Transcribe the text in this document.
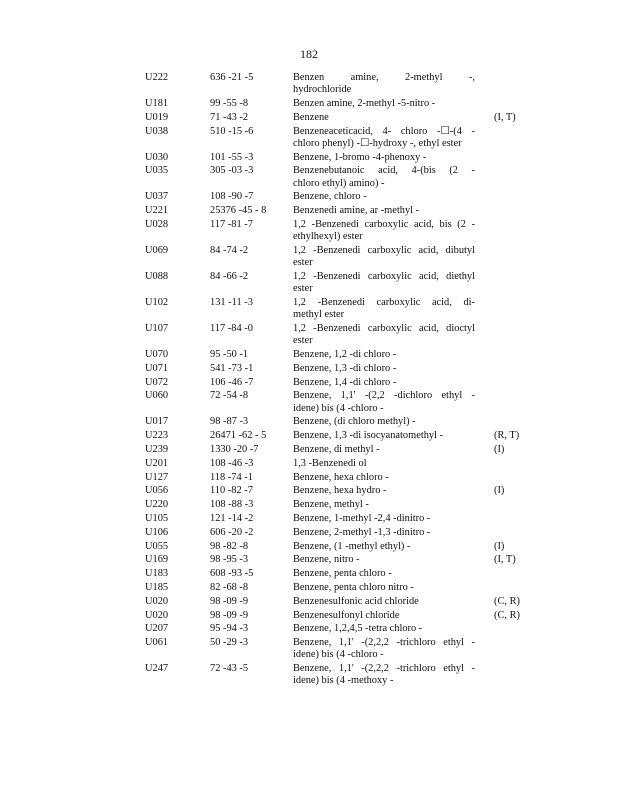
182
U222	636 -21 -5	Benzen amine, 2-methyl -,
hydrochloride
U181	99 -55 -8	Benzen amine, 2-methyl -5-nitro -
U019	71 -43 -2	Benzene	(I, T)
U038	510 -15 -6	Benzeneaceticacid, 4- chloro -☐-(4 -
chloro phenyl) -☐-hydroxy -, ethyl ester
U030	101 -55 -3	Benzene, 1-bromo -4-phenoxy -
U035	305 -03 -3	Benzenebutanoic acid, 4-(bis (2 -
chloro ethyl) amino) -
U037	108 -90 -7	Benzene, chloro -
U221	25376 -45 - 8	Benzenedi amine, ar -methyl -
U028	117 -81 -7	1,2 -Benzenedi carboxylic acid, bis (2 -
ethylhexyl) ester
U069	84 -74 -2	1,2 -Benzenedi carboxylic acid, dibutyl
ester
U088	84 -66 -2	1,2 -Benzenedi carboxylic acid, diethyl
ester
U102	131 -11 -3	1,2 -Benzenedi carboxylic acid, di-
methyl ester
U107	117 -84 -0	1,2 -Benzenedi carboxylic acid, dioctyl
ester
U070	95 -50 -1	Benzene, 1,2 -di chloro -
U071	541 -73 -1	Benzene, 1,3 -di chloro -
U072	106 -46 -7	Benzene, 1,4 -di chloro -
U060	72 -54 -8	Benzene, 1,1' -(2,2 -dichloro ethyl -
idene) bis (4 -chloro -
U017	98 -87 -3	Benzene, (di chloro methyl) -
U223	26471 -62 - 5	Benzene, 1,3 -di isocyanatomethyl -	(R, T)
U239	1330 -20 -7	Benzene, di methyl -	(I)
U201	108 -46 -3	1,3 -Benzenedi ol
U127	118 -74 -1	Benzene, hexa chloro -
U056	110 -82 -7	Benzene, hexa hydro -	(I)
U220	108 -88 -3	Benzene, methyl -
U105	121 -14 -2	Benzene, 1-methyl -2,4 -dinitro -
U106	606 -20 -2	Benzene, 2-methyl -1,3 -dinitro -
U055	98 -82 -8	Benzene, (1 -methyl ethyl) -	(I)
U169	98 -95 -3	Benzene, nitro -	(I, T)
U183	608 -93 -5	Benzene, penta chloro -
U185	82 -68 -8	Benzene, penta chloro nitro -
U020	98 -09 -9	Benzenesulfonic acid chloride	(C, R)
U020	98 -09 -9	Benzenesulfonyl chloride	(C, R)
U207	95 -94 -3	Benzene, 1,2,4,5 -tetra chloro -
U061	50 -29 -3	Benzene, 1,1' -(2,2,2 -trichloro ethyl -
idene) bis (4 -chloro -
U247	72 -43 -5	Benzene, 1,1' -(2,2,2 -trichloro ethyl -
idene) bis (4 -methoxy -
